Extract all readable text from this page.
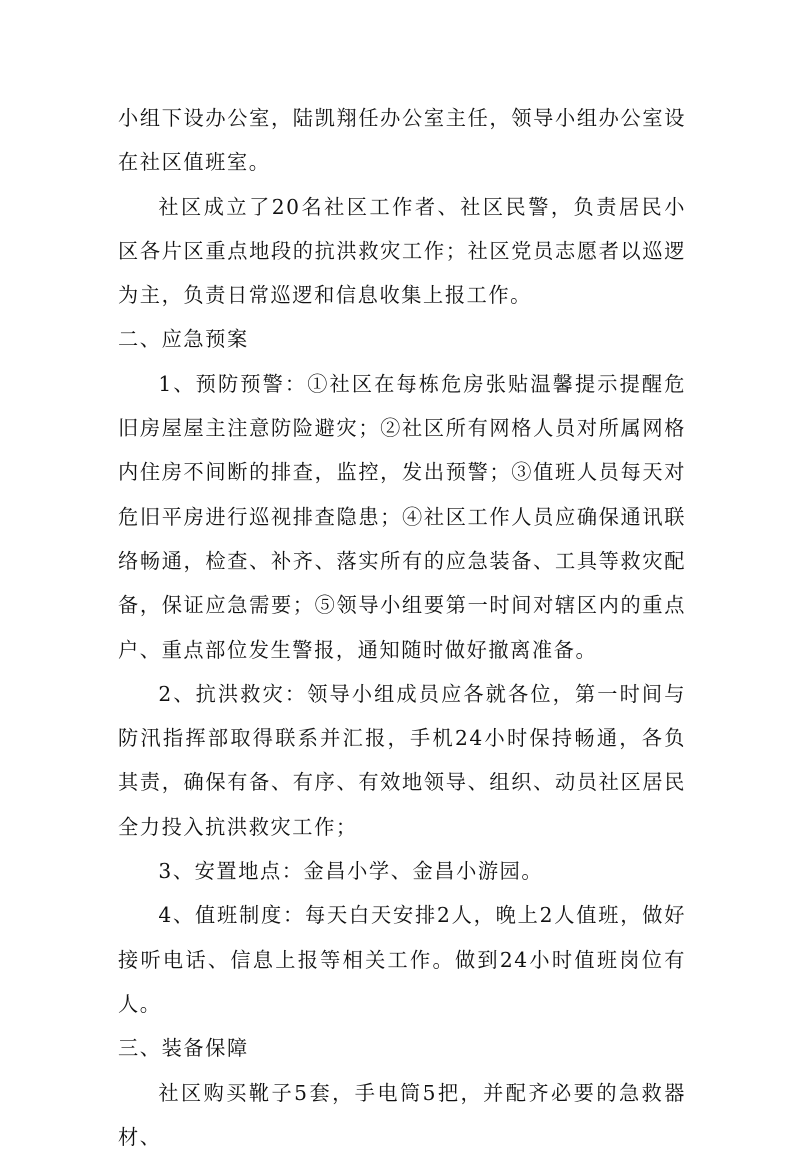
小组下设办公室，陆凯翔任办公室主任，领导小组办公室设在社区值班室。

社区成立了20名社区工作者、社区民警，负责居民小区各片区重点地段的抗洪救灾工作；社区党员志愿者以巡逻为主，负责日常巡逻和信息收集上报工作。

二、应急预案

1、预防预警：①社区在每栋危房张贴温馨提示提醒危旧房屋屋主注意防险避灾；②社区所有网格人员对所属网格内住房不间断的排查，监控，发出预警；③值班人员每天对危旧平房进行巡视排查隐患；④社区工作人员应确保通讯联络畅通，检查、补齐、落实所有的应急装备、工具等救灾配备，保证应急需要；⑤领导小组要第一时间对辖区内的重点户、重点部位发生警报，通知随时做好撤离准备。

2、抗洪救灾：领导小组成员应各就各位，第一时间与防汛指挥部取得联系并汇报，手机24小时保持畅通，各负其责，确保有备、有序、有效地领导、组织、动员社区居民全力投入抗洪救灾工作；

3、安置地点：金昌小学、金昌小游园。

4、值班制度：每天白天安排2人，晚上2人值班，做好接听电话、信息上报等相关工作。做到24小时值班岗位有人。

三、装备保障

社区购买靴子5套，手电筒5把，并配齐必要的急救器材、
